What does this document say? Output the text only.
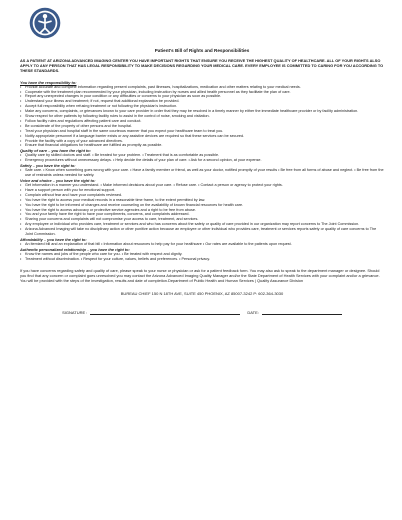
Patient's Bill of Rights and Responsibilities
AS A PATIENT AT ARIZONA ADVANCED IMAGING CENTER YOU HAVE IMPORTANT RIGHTS THAT ENSURE YOU RECEIVE THE HIGHEST QUALITY OF HEALTHCARE. ALL OF YOUR RIGHTS ALSO APPLY TO ANY PERSON THAT HAS LEGAL RESPONSIBILITY TO MAKE DECISIONS REGARDING YOUR MEDICAL CARE. EVERY EMPLOYEE IS COMMITTED TO CARING FOR YOU ACCORDING TO THESE STANDARDS.
You have the responsibility to:
• Provide accurate and complete information regarding present complaints, past illnesses, hospitalizations, medication and other matters relating to your medical needs.
• Cooperate with the treatment plan recommended by your physician, including instruction by nurses and allied health personnel as they facilitate the plan of care.
• Report any unexpected changes in your condition or any difficulties or concerns to your physician as soon as possible.
• Understand your illness and treatment; if not, request that additional explanation be provided.
• Accept full responsibility when refusing treatment or not following the physician's instruction.
• Make any concerns, complaints, or grievances known to your care provider in order that they may be resolved in a timely manner by either the immediate healthcare provider or by facility administration.
• Show respect for other patients by following facility rules to assist in the control of noise, smoking and visitation.
• Follow facility rules and regulations affecting patient care and conduct.
• Be considerate of the property of other persons and the hospital.
• Treat your physician and hospital staff in the same courteous manner that you expect your healthcare team to treat you.
• Notify appropriate personnel if a language barrier exists or any assistive devices are required so that these services can be secured.
• Provide the facility with a copy of your advanced directives.
• Ensure that financial obligations for healthcare are fulfilled as promptly as possible.
Quality of care – you have the right to:
• Quality care by skilled doctors and staff. • Be treated for your problem. • Treatment that is as comfortable as possible.
• Emergency procedures without unnecessary delays. • Help decide the details of your plan of care. • Ask for a second opinion, at your expense.
Safety – you have the right to:
• Safe care. • Know when something goes wrong with your care. • Have a family member or friend, as well as your doctor, notified promptly of your results • Be free from all forms of abuse and neglect. • Be free from the use of restraints unless needed for safety.
Voice and choice – you have the right to:
• Get information in a manner you understand. • Make informed decisions about your care. • Refuse care. • Contact a person or agency to protect your rights.
• Have a support person with you for emotional support.
• Complain without fear and have your complaints reviewed.
• You have the right to access your medical records in a reasonable time frame, to the extent permitted by law.
• You have the right to be informed of changes and receive counseling on the availability of known financial resources for health care.
• You have the right to access advocacy or protective service agencies and a right to be free from abuse.
• You and your family have the right to have your compliments, concerns, and complaints addressed.
• Sharing your concerns and complaints will not compromise your access to care, treatment, and services.
• Any employee or individual who provides care, treatment or services and who has concerns about the safety or quality of care provided in our organization may report concerns to The Joint Commission.
• Arizona Advanced Imaging will take no disciplinary action or other punitive action because an employee or other individual who provides care, treatment or services reports safety or quality of care concerns to The Joint Commission.
Affordability – you have the right to:
• An itemized bill and an explanation of that bill • Information about resources to help pay for your healthcare • Our rates are available to the patients upon request.
Authentic personalized relationship – you have the right to:
• Know the names and jobs of the people who care for you. • Be treated with respect and dignity.
• Treatment without discrimination. • Respect for your culture, values, beliefs and preferences. • Personal privacy.
If you have concerns regarding safety and quality of care, please speak to your nurse or physician or ask for a patient feedback form. You may also ask to speak to the department manager or designee. Should you find that any concern or complaint goes unresolved you may contact the Arizona Advanced Imaging Quality Manager and/or the State Department of Health Services with your complaint and/or a grievance. You will be provided with the steps of the investigation, results and date of completion.Department of Public Health and Human Services | Quality Assurance Division
BUREAU CHIEF 150 N 18TH AVE, SUITE 450 PHOENIX, AZ 85007-3242 P: 602-364-3030
SIGNATURE :	DATE:
